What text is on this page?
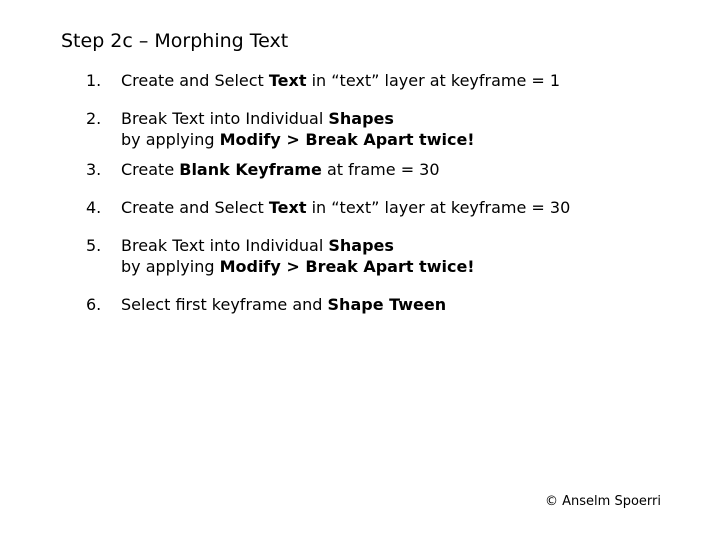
Step 2c – Morphing Text
1. Create and Select Text in “text” layer at keyframe = 1
2. Break Text into Individual Shapes
by applying Modify > Break Apart twice!
3. Create Blank Keyframe at frame = 30
4. Create and Select Text in “text” layer at keyframe = 30
5. Break Text into Individual Shapes
by applying Modify > Break Apart twice!
6. Select first keyframe and Shape Tween
© Anselm Spoerri
